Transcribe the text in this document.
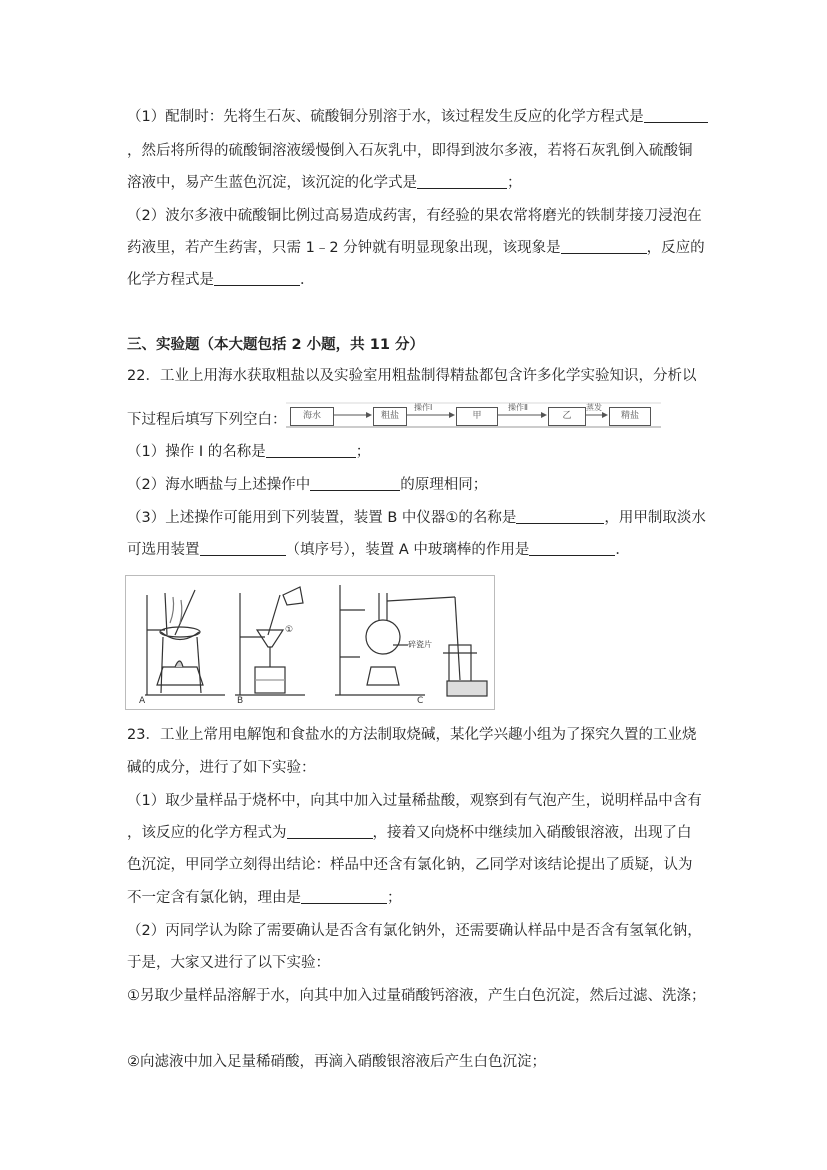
（1）配制时：先将生石灰、硫酸铜分别溶于水，该过程发生反应的化学方程式是
，然后将所得的硫酸铜溶液缓慢倒入石灰乳中，即得到波尔多液，若将石灰乳倒入硫酸铜
溶液中，易产生蓝色沉淀，该沉淀的化学式是	；
（2）波尔多液中硫酸铜比例过高易造成药害，有经验的果农常将磨光的铁制芽接刀浸泡在
药液里，若产生药害，只需 1﹣2 分钟就有明显现象出现，该现象是	，反应的
化学方程式是	．
三、实验题（本大题包括 2 小题，共 11 分）
22．工业上用海水获取粗盐以及实验室用粗盐制得精盐都包含许多化学实验知识，分析以
下过程后填写下列空白：	海水	粗盐	甲	乙	精盐
操作Ⅰ	操作Ⅱ	蒸发
（1）操作 I 的名称是	；
（2）海水晒盐与上述操作中	的原理相同；
（3）上述操作可能用到下列装置，装置 B 中仪器①的名称是	，用甲制取淡水
可选用装置	（填序号），装置 A 中玻璃棒的作用是	．
A	B	C
①
碎瓷片
23．工业上常用电解饱和食盐水的方法制取烧碱，某化学兴趣小组为了探究久置的工业烧
碱的成分，进行了如下实验：
（1）取少量样品于烧杯中，向其中加入过量稀盐酸，观察到有气泡产生，说明样品中含有
，该反应的化学方程式为	，接着又向烧杯中继续加入硝酸银溶液，出现了白
色沉淀，甲同学立刻得出结论：样品中还含有氯化钠，乙同学对该结论提出了质疑，认为
不一定含有氯化钠，理由是	；
（2）丙同学认为除了需要确认是否含有氯化钠外，还需要确认样品中是否含有氢氧化钠，
于是，大家又进行了以下实验：
①另取少量样品溶解于水，向其中加入过量硝酸钙溶液，产生白色沉淀，然后过滤、洗涤；
②向滤液中加入足量稀硝酸，再滴入硝酸银溶液后产生白色沉淀；
